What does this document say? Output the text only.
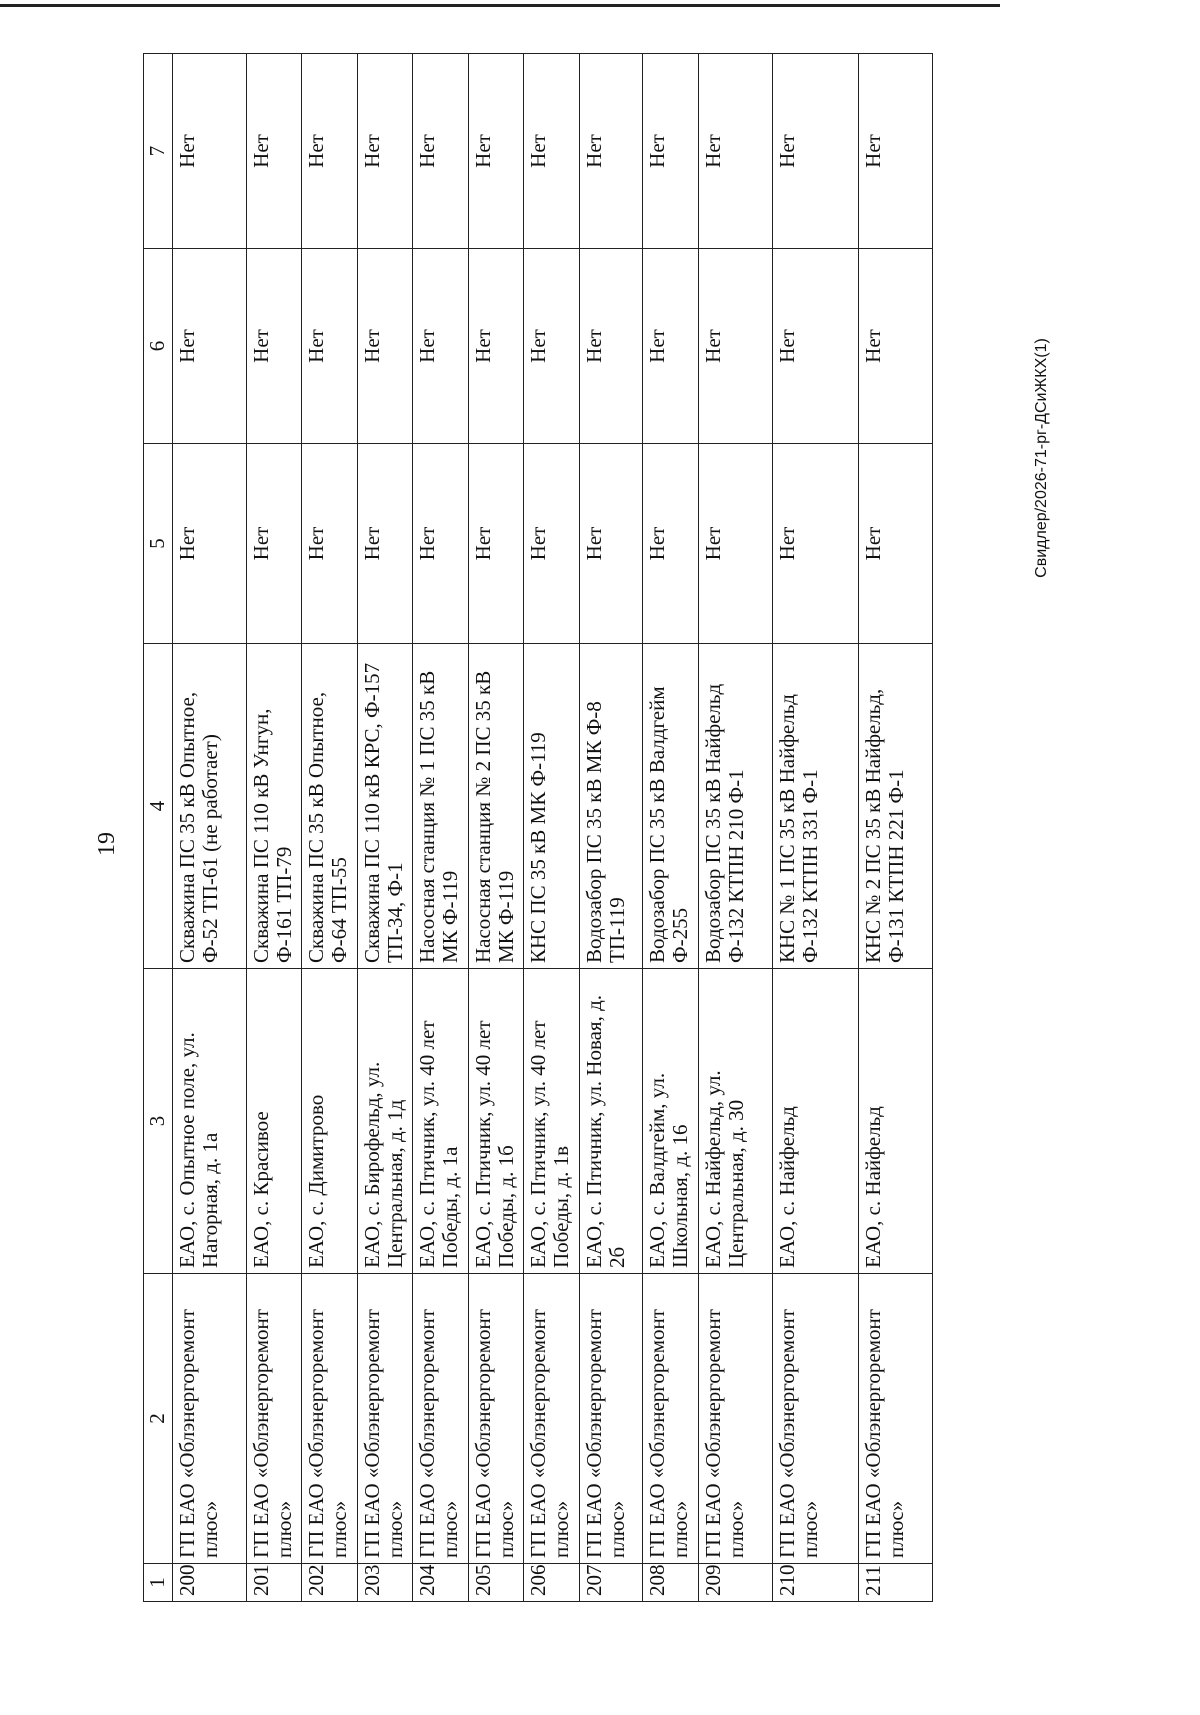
19
Свидлер/2026-71-рг-ДСиЖКХ(1)
1	2	3	4	5	6	7
200	ГП ЕАО «Облэнергоремонт плюс»	ЕАО, с. Опытное поле, ул. Нагорная, д. 1а	Скважина ПС 35 кВ Опытное, Ф-52 ТП-61 (не работает)	Нет	Нет	Нет
201	ГП ЕАО «Облэнергоремонт плюс»	ЕАО, с. Красивое	Скважина ПС 110 кВ Унгун, Ф-161 ТП-79	Нет	Нет	Нет
202	ГП ЕАО «Облэнергоремонт плюс»	ЕАО, с. Димитрово	Скважина ПС 35 кВ Опытное, Ф-64 ТП-55	Нет	Нет	Нет
203	ГП ЕАО «Облэнергоремонт плюс»	ЕАО, с. Бирофельд, ул. Центральная, д. 1д	Скважина ПС 110 кВ КРС, Ф-157 ТП-34, Ф-1	Нет	Нет	Нет
204	ГП ЕАО «Облэнергоремонт плюс»	ЕАО, с. Птичник, ул. 40 лет Победы, д. 1а	Насосная станция № 1 ПС 35 кВ МК Ф-119	Нет	Нет	Нет
205	ГП ЕАО «Облэнергоремонт плюс»	ЕАО, с. Птичник, ул. 40 лет Победы, д. 1б	Насосная станция № 2 ПС 35 кВ МК Ф-119	Нет	Нет	Нет
206	ГП ЕАО «Облэнергоремонт плюс»	ЕАО, с. Птичник, ул. 40 лет Победы, д. 1в	КНС ПС 35 кВ МК Ф-119	Нет	Нет	Нет
207	ГП ЕАО «Облэнергоремонт плюс»	ЕАО, с. Птичник, ул. Новая, д. 2б	Водозабор ПС 35 кВ МК Ф-8 ТП-119	Нет	Нет	Нет
208	ГП ЕАО «Облэнергоремонт плюс»	ЕАО, с. Валдгейм, ул. Школьная, д. 16	Водозабор ПС 35 кВ Валдгейм Ф-255	Нет	Нет	Нет
209	ГП ЕАО «Облэнергоремонт плюс»	ЕАО, с. Найфельд, ул. Центральная, д. 30	Водозабор ПС 35 кВ Найфельд Ф-132 КТПН 210 Ф-1	Нет	Нет	Нет
210	ГП ЕАО «Облэнергоремонт плюс»	ЕАО, с. Найфельд	КНС № 1 ПС 35 кВ Найфельд Ф-132 КТПН 331 Ф-1	Нет	Нет	Нет
211	ГП ЕАО «Облэнергоремонт плюс»	ЕАО, с. Найфельд	КНС № 2 ПС 35 кВ Найфельд, Ф-131 КТПН 221 Ф-1	Нет	Нет	Нет
